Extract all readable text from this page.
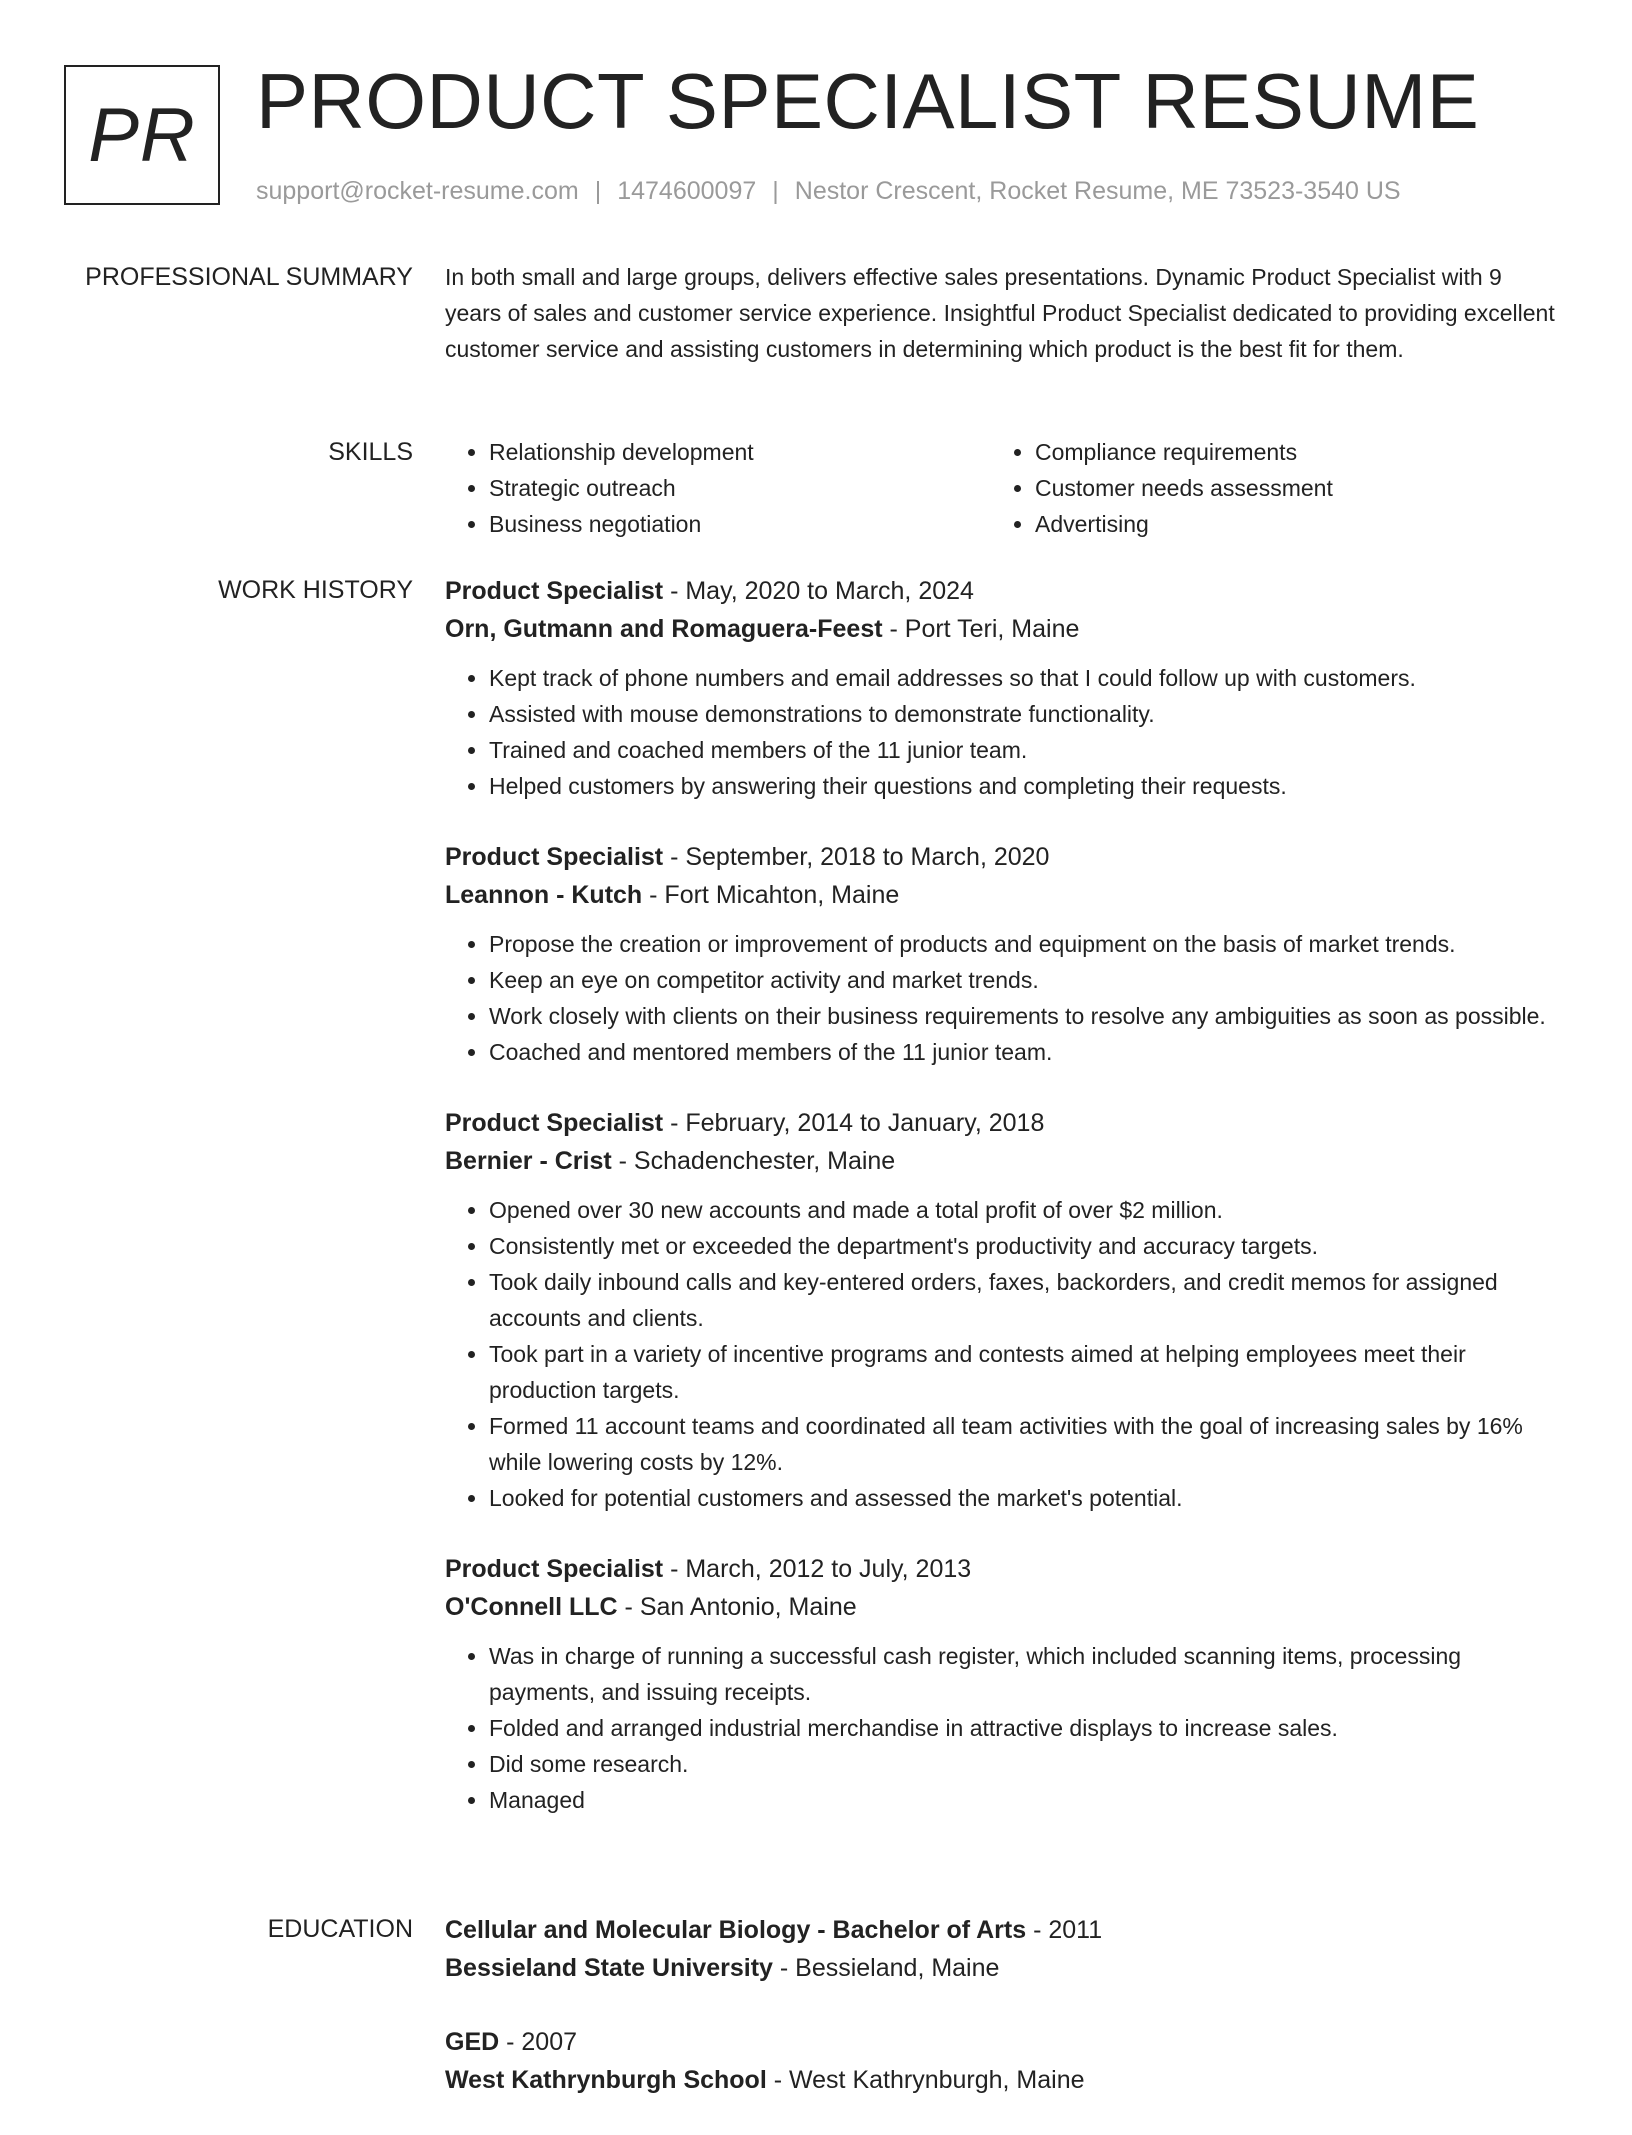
PR PRODUCT SPECIALIST RESUME
support@rocket-resume.com | 1474600097 | Nestor Crescent, Rocket Resume, ME 73523-3540 US
PROFESSIONAL SUMMARY In both small and large groups, delivers effective sales presentations. Dynamic Product Specialist with 9 years of sales and customer service experience. Insightful Product Specialist dedicated to providing excellent customer service and assisting customers in determining which product is the best fit for them.

SKILLS
•	Relationship development
• Strategic outreach
• Business negotiation
• Compliance requirements
• Customer needs assessment
• Advertising
WORK HISTORY Product Specialist - May, 2020 to March, 2024
Orn, Gutmann and Romaguera-Feest - Port Teri, Maine
• Kept track of phone numbers and email addresses so that I could follow up with customers.
• Assisted with mouse demonstrations to demonstrate functionality.
• Trained and coached members of the 11 junior team.
• Helped customers by answering their questions and completing their requests.
Product Specialist - September, 2018 to March, 2020
Leannon - Kutch - Fort Micahton, Maine
• Propose the creation or improvement of products and equipment on the basis of market trends.
• Keep an eye on competitor activity and market trends.
• Work closely with clients on their business requirements to resolve any ambiguities as soon as possible.
• Coached and mentored members of the 11 junior team.
Product Specialist - February, 2014 to January, 2018
Bernier - Crist - Schadenchester, Maine
• Opened over 30 new accounts and made a total profit of over $2 million.
• Consistently met or exceeded the department's productivity and accuracy targets.
• Took daily inbound calls and key-entered orders, faxes, backorders, and credit memos for assigned accounts and clients.
• Took part in a variety of incentive programs and contests aimed at helping employees meet their production targets.
• Formed 11 account teams and coordinated all team activities with the goal of increasing sales by 16% while lowering costs by 12%.
• Looked for potential customers and assessed the market's potential.
Product Specialist - March, 2012 to July, 2013
O'Connell LLC - San Antonio, Maine
• Was in charge of running a successful cash register, which included scanning items, processing payments, and issuing receipts.
• Folded and arranged industrial merchandise in attractive displays to increase sales.
• Did some research.
• Managed
EDUCATION Cellular and Molecular Biology - Bachelor of Arts - 2011
Bessieland State University - Bessieland, Maine
GED - 2007
West Kathrynburgh School - West Kathrynburgh, Maine
